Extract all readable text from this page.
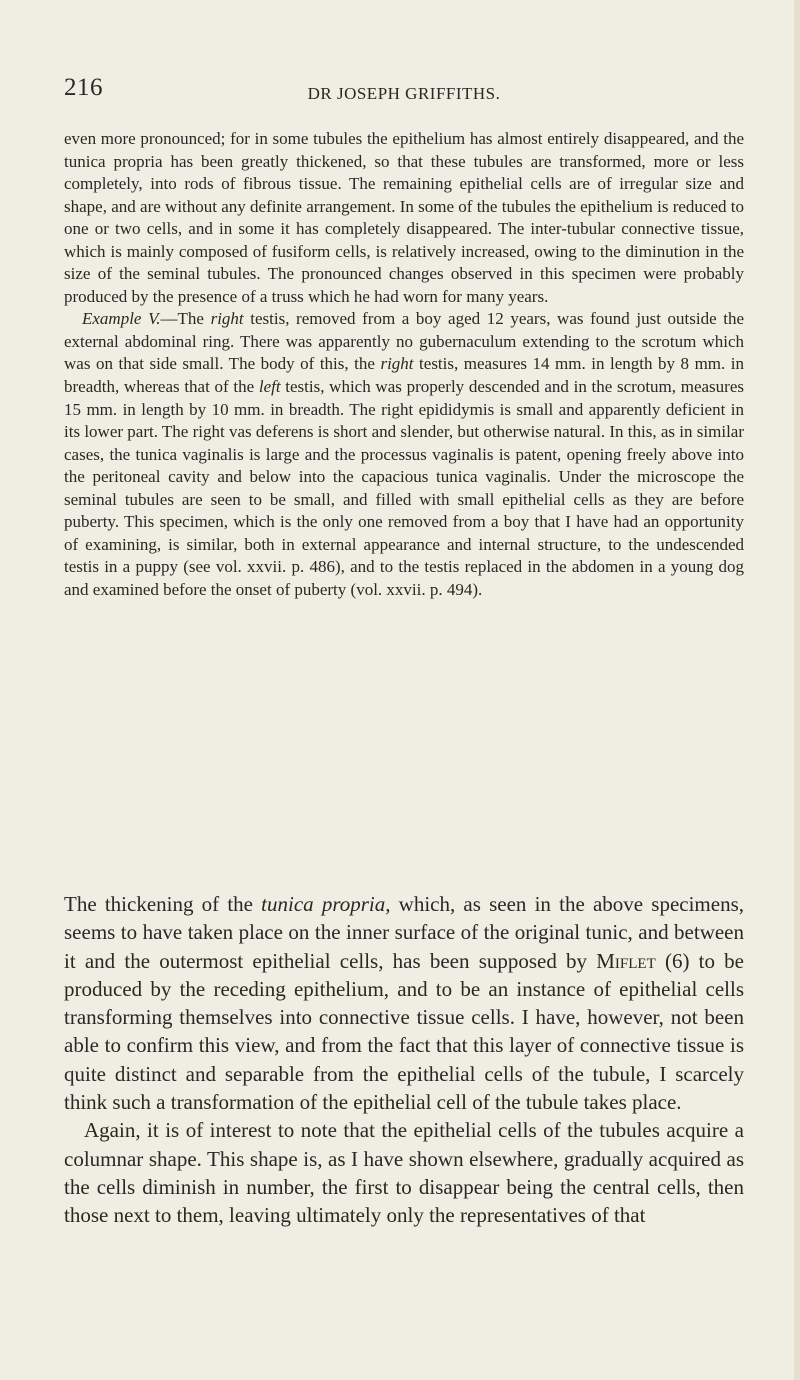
216	DR JOSEPH GRIFFITHS.

even more pronounced; for in some tubules the epithelium has almost entirely disappeared, and the tunica propria has been greatly thickened, so that these tubules are transformed, more or less completely, into rods of fibrous tissue. The remaining epithelial cells are of irregular size and shape, and are without any definite arrangement. In some of the tubules the epithelium is reduced to one or two cells, and in some it has completely disappeared. The inter-tubular connective tissue, which is mainly composed of fusiform cells, is relatively increased, owing to the diminution in the size of the seminal tubules. The pronounced changes observed in this specimen were probably produced by the presence of a truss which he had worn for many years.

Example V.—The right testis, removed from a boy aged 12 years, was found just outside the external abdominal ring. There was apparently no gubernaculum extending to the scrotum which was on that side small. The body of this, the right testis, measures 14 mm. in length by 8 mm. in breadth, whereas that of the left testis, which was properly descended and in the scrotum, measures 15 mm. in length by 10 mm. in breadth. The right epididymis is small and apparently deficient in its lower part. The right vas deferens is short and slender, but otherwise natural. In this, as in similar cases, the tunica vaginalis is large and the processus vaginalis is patent, opening freely above into the peritoneal cavity and below into the capacious tunica vaginalis. Under the microscope the seminal tubules are seen to be small, and filled with small epithelial cells as they are before puberty. This specimen, which is the only one removed from a boy that I have had an opportunity of examining, is similar, both in external appearance and internal structure, to the undescended testis in a puppy (see vol. xxvii. p. 486), and to the testis replaced in the abdomen in a young dog and examined before the onset of puberty (vol. xxvii. p. 494).

The thickening of the tunica propria, which, as seen in the above specimens, seems to have taken place on the inner surface of the original tunic, and between it and the outermost epithelial cells, has been supposed by Miflet (6) to be produced by the receding epithelium, and to be an instance of epithelial cells transforming themselves into connective tissue cells. I have, however, not been able to confirm this view, and from the fact that this layer of connective tissue is quite distinct and separable from the epithelial cells of the tubule, I scarcely think such a transformation of the epithelial cell of the tubule takes place.

Again, it is of interest to note that the epithelial cells of the tubules acquire a columnar shape. This shape is, as I have shown elsewhere, gradually acquired as the cells diminish in number, the first to disappear being the central cells, then those next to them, leaving ultimately only the representatives of that
